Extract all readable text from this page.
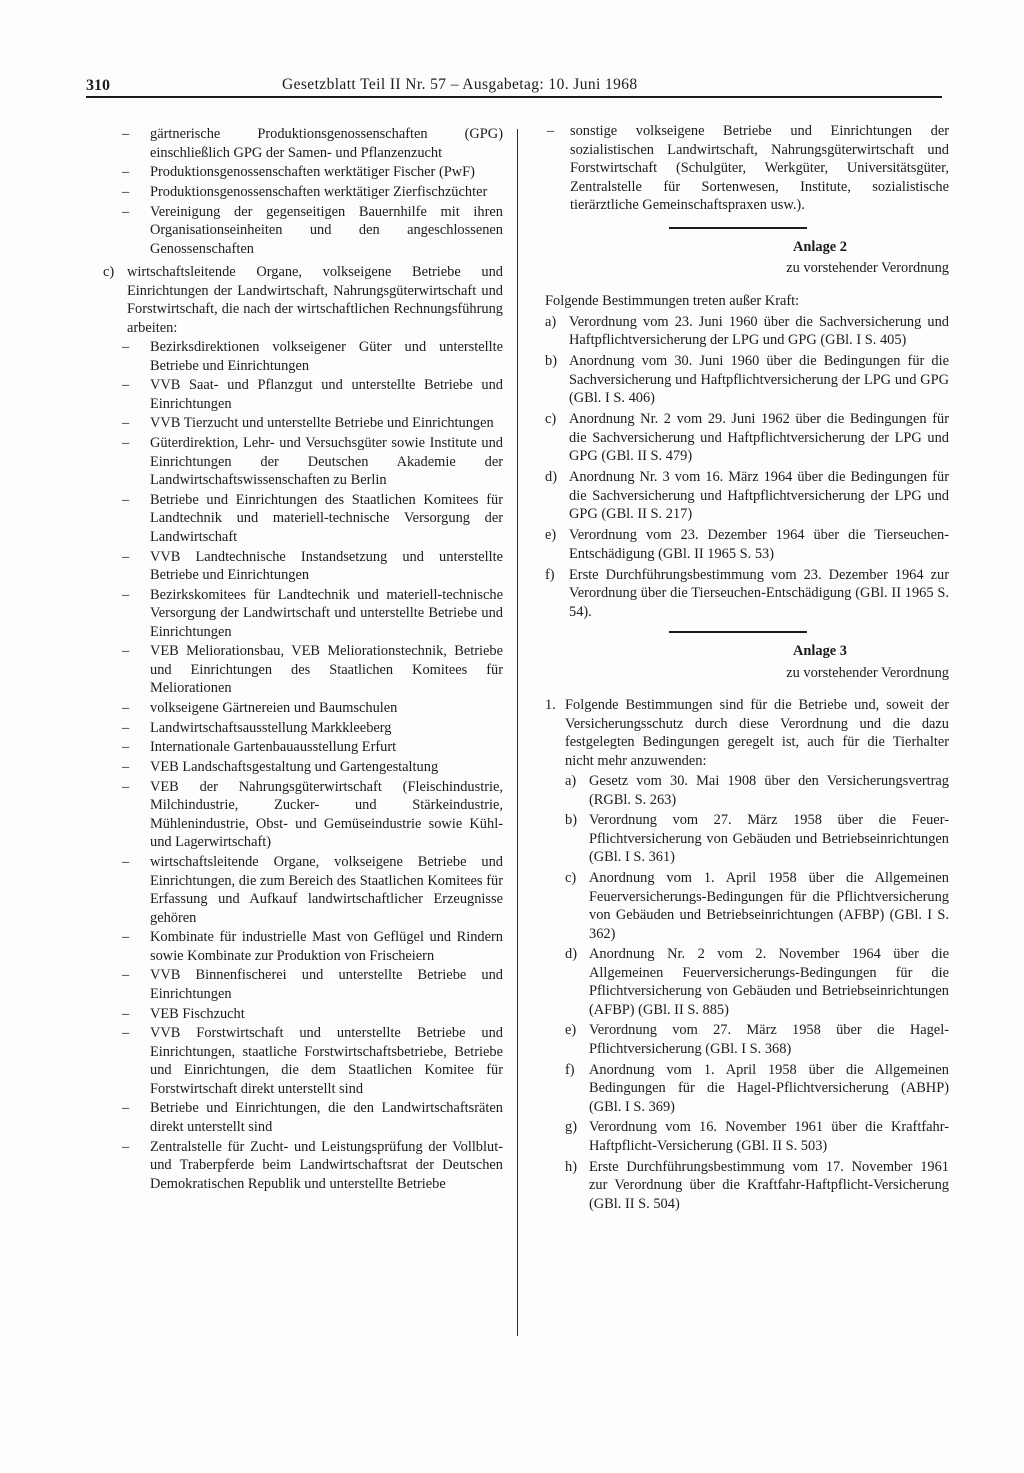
310	Gesetzblatt Teil II Nr. 57 – Ausgabetag: 10. Juni 1968
– gärtnerische Produktionsgenossenschaften (GPG) einschließlich GPG der Samen- und Pflanzenzucht
– Produktionsgenossenschaften werktätiger Fischer (PwF)
– Produktionsgenossenschaften werktätiger Zierfischzüchter
– Vereinigung der gegenseitigen Bauernhilfe mit ihren Organisationseinheiten und den angeschlossenen Genossenschaften
c) wirtschaftsleitende Organe, volkseigene Betriebe und Einrichtungen der Landwirtschaft, Nahrungsgüterwirtschaft und Forstwirtschaft, die nach der wirtschaftlichen Rechnungsführung arbeiten:
– Bezirksdirektionen volkseigener Güter und unterstellte Betriebe und Einrichtungen
– VVB Saat- und Pflanzgut und unterstellte Betriebe und Einrichtungen
– VVB Tierzucht und unterstellte Betriebe und Einrichtungen
– Güterdirektion, Lehr- und Versuchsgüter sowie Institute und Einrichtungen der Deutschen Akademie der Landwirtschaftswissenschaften zu Berlin
– Betriebe und Einrichtungen des Staatlichen Komitees für Landtechnik und materiell-technische Versorgung der Landwirtschaft
– VVB Landtechnische Instandsetzung und unterstellte Betriebe und Einrichtungen
– Bezirkskomitees für Landtechnik und materiell-technische Versorgung der Landwirtschaft und unterstellte Betriebe und Einrichtungen
– VEB Meliorationsbau, VEB Meliorationstechnik, Betriebe und Einrichtungen des Staatlichen Komitees für Meliorationen
– volkseigene Gärtnereien und Baumschulen
– Landwirtschaftsausstellung Markkleeberg
– Internationale Gartenbauausstellung Erfurt
– VEB Landschaftsgestaltung und Gartengestaltung
– VEB der Nahrungsgüterwirtschaft (Fleischindustrie, Milchindustrie, Zucker- und Stärkeindustrie, Mühlenindustrie, Obst- und Gemüseindustrie sowie Kühl- und Lagerwirtschaft)
– wirtschaftsleitende Organe, volkseigene Betriebe und Einrichtungen, die zum Bereich des Staatlichen Komitees für Erfassung und Aufkauf landwirtschaftlicher Erzeugnisse gehören
– Kombinate für industrielle Mast von Geflügel und Rindern sowie Kombinate zur Produktion von Frischeiern
– VVB Binnenfischerei und unterstellte Betriebe und Einrichtungen
– VEB Fischzucht
– VVB Forstwirtschaft und unterstellte Betriebe und Einrichtungen, staatliche Forstwirtschaftsbetriebe, Betriebe und Einrichtungen, die dem Staatlichen Komitee für Forstwirtschaft direkt unterstellt sind
– Betriebe und Einrichtungen, die den Landwirtschaftsräten direkt unterstellt sind
– Zentralstelle für Zucht- und Leistungsprüfung der Vollblut- und Traberpferde beim Landwirtschaftsrat der Deutschen Demokratischen Republik und unterstellte Betriebe
– sonstige volkseigene Betriebe und Einrichtungen der sozialistischen Landwirtschaft, Nahrungsgüterwirtschaft und Forstwirtschaft (Schulgüter, Werkgüter, Universitätsgüter, Zentralstelle für Sortenwesen, Institute, sozialistische tierärztliche Gemeinschaftspraxen usw.).
Anlage 2
zu vorstehender Verordnung
Folgende Bestimmungen treten außer Kraft:
a) Verordnung vom 23. Juni 1960 über die Sachversicherung und Haftpflichtversicherung der LPG und GPG (GBl. I S. 405)
b) Anordnung vom 30. Juni 1960 über die Bedingungen für die Sachversicherung und Haftpflichtversicherung der LPG und GPG (GBl. I S. 406)
c) Anordnung Nr. 2 vom 29. Juni 1962 über die Bedingungen für die Sachversicherung und Haftpflichtversicherung der LPG und GPG (GBl. II S. 479)
d) Anordnung Nr. 3 vom 16. März 1964 über die Bedingungen für die Sachversicherung und Haftpflichtversicherung der LPG und GPG (GBl. II S. 217)
e) Verordnung vom 23. Dezember 1964 über die Tierseuchen-Entschädigung (GBl. II 1965 S. 53)
f) Erste Durchführungsbestimmung vom 23. Dezember 1964 zur Verordnung über die Tierseuchen-Entschädigung (GBl. II 1965 S. 54).
Anlage 3
zu vorstehender Verordnung
1. Folgende Bestimmungen sind für die Betriebe und, soweit der Versicherungsschutz durch diese Verordnung und die dazu festgelegten Bedingungen geregelt ist, auch für die Tierhalter nicht mehr anzuwenden:
a) Gesetz vom 30. Mai 1908 über den Versicherungsvertrag (RGBl. S. 263)
b) Verordnung vom 27. März 1958 über die Feuer-Pflichtversicherung von Gebäuden und Betriebseinrichtungen (GBl. I S. 361)
c) Anordnung vom 1. April 1958 über die Allgemeinen Feuerversicherungs-Bedingungen für die Pflichtversicherung von Gebäuden und Betriebseinrichtungen (AFBP) (GBl. I S. 362)
d) Anordnung Nr. 2 vom 2. November 1964 über die Allgemeinen Feuerversicherungs-Bedingungen für die Pflichtversicherung von Gebäuden und Betriebseinrichtungen (AFBP) (GBl. II S. 885)
e) Verordnung vom 27. März 1958 über die Hagel-Pflichtversicherung (GBl. I S. 368)
f) Anordnung vom 1. April 1958 über die Allgemeinen Bedingungen für die Hagel-Pflichtversicherung (ABHP) (GBl. I S. 369)
g) Verordnung vom 16. November 1961 über die Kraftfahr-Haftpflicht-Versicherung (GBl. II S. 503)
h) Erste Durchführungsbestimmung vom 17. November 1961 zur Verordnung über die Kraftfahr-Haftpflicht-Versicherung (GBl. II S. 504)
